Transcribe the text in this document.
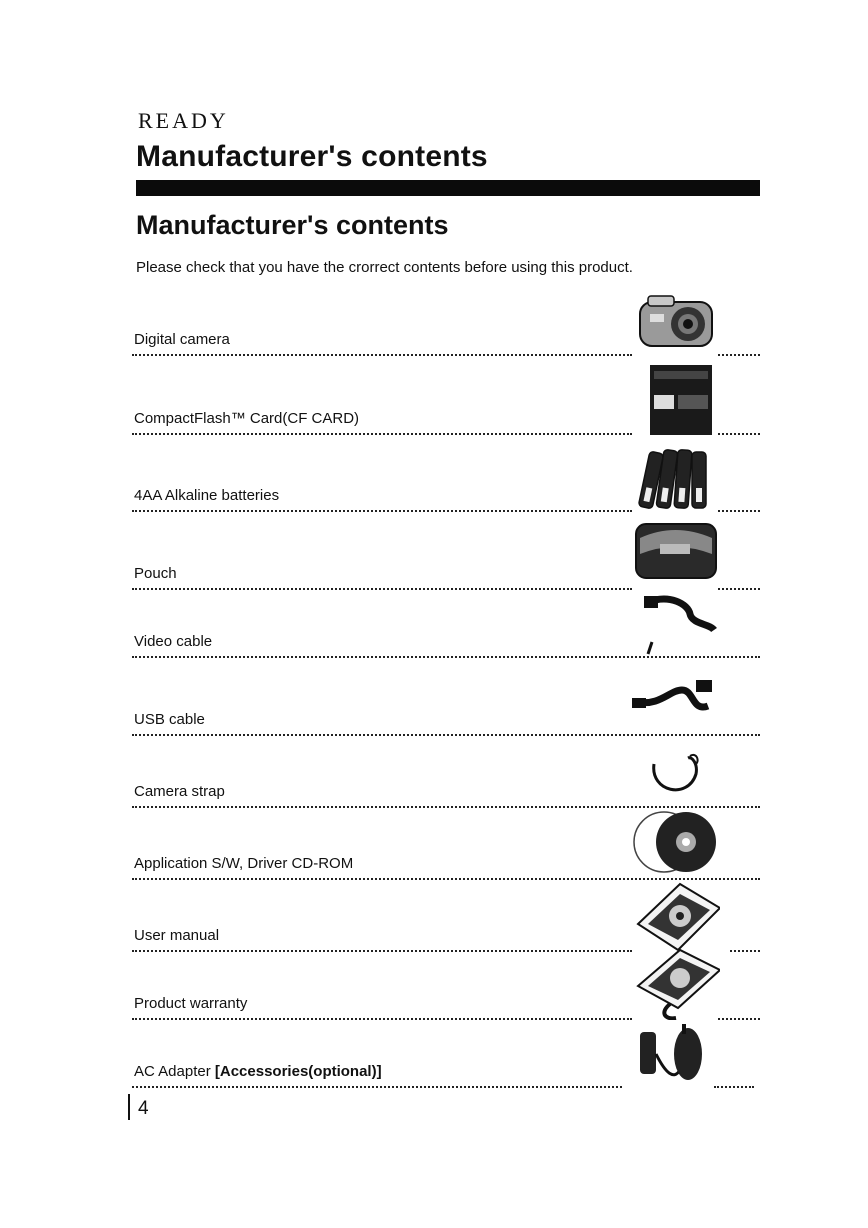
READY
Manufacturer's contents
Manufacturer's contents
Please check that you have the crorrect contents before using this product.
Digital camera
CompactFlash™ Card(CF CARD)
4AA Alkaline batteries
Pouch
Video cable
USB cable
Camera strap
Application S/W, Driver CD-ROM
User manual
Product warranty
AC Adapter [Accessories(optional)]
4
